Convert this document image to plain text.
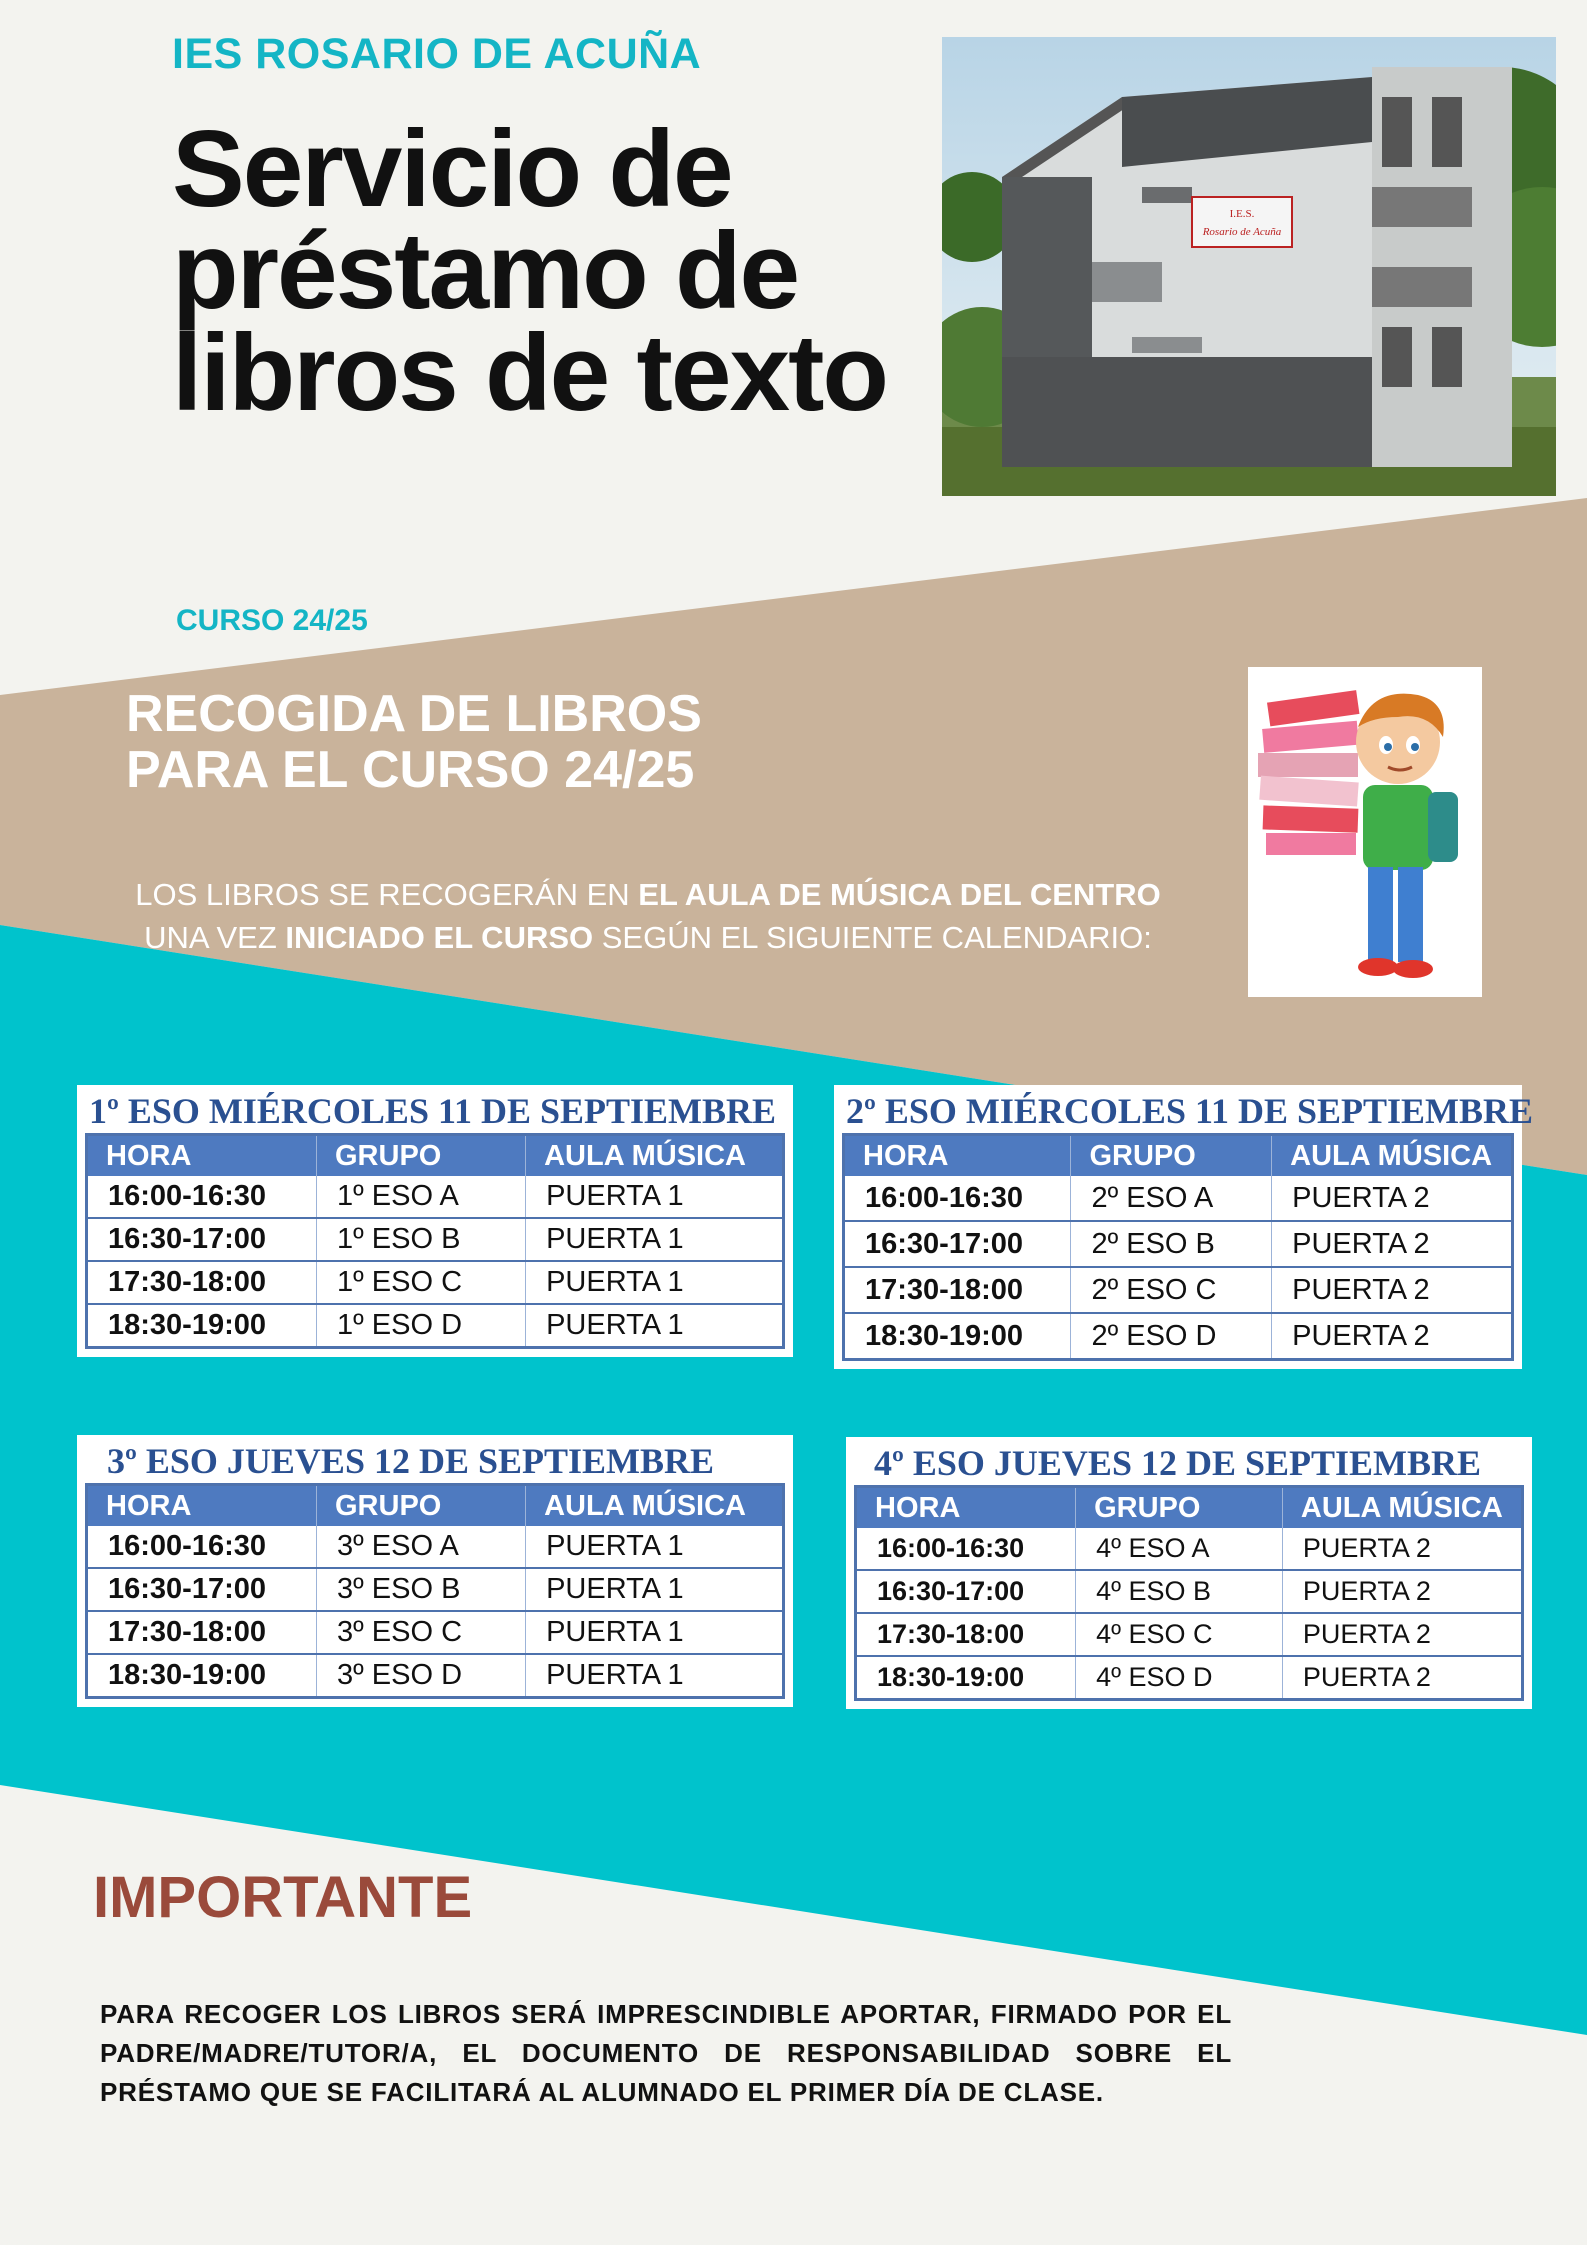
IES ROSARIO DE ACUÑA
Servicio de préstamo de libros de texto
I.E.S.
Rosario de Acuña
CURSO 24/25
RECOGIDA DE LIBROS
PARA EL CURSO 24/25
LOS LIBROS SE RECOGERÁN EN EL AULA DE MÚSICA DEL CENTRO
UNA VEZ INICIADO EL CURSO SEGÚN EL SIGUIENTE CALENDARIO:
1º ESO MIÉRCOLES 11 DE SEPTIEMBRE
HORA	GRUPO	AULA MÚSICA
16:00-16:30	1º ESO A	PUERTA 1
16:30-17:00	1º ESO B	PUERTA 1
17:30-18:00	1º ESO C	PUERTA 1
18:30-19:00	1º ESO D	PUERTA 1
2º ESO MIÉRCOLES 11 DE SEPTIEMBRE
HORA	GRUPO	AULA MÚSICA
16:00-16:30	2º ESO A	PUERTA 2
16:30-17:00	2º ESO B	PUERTA 2
17:30-18:00	2º ESO C	PUERTA 2
18:30-19:00	2º ESO D	PUERTA 2
3º ESO JUEVES 12 DE SEPTIEMBRE
HORA	GRUPO	AULA MÚSICA
16:00-16:30	3º ESO A	PUERTA 1
16:30-17:00	3º ESO B	PUERTA 1
17:30-18:00	3º ESO C	PUERTA 1
18:30-19:00	3º ESO D	PUERTA 1
4º ESO JUEVES 12 DE SEPTIEMBRE
HORA	GRUPO	AULA MÚSICA
16:00-16:30	4º ESO A	PUERTA 2
16:30-17:00	4º ESO B	PUERTA 2
17:30-18:00	4º ESO C	PUERTA 2
18:30-19:00	4º ESO D	PUERTA 2
IMPORTANTE
PARA RECOGER LOS LIBROS SERÁ IMPRESCINDIBLE APORTAR, FIRMADO POR EL PADRE/MADRE/TUTOR/A, EL DOCUMENTO DE RESPONSABILIDAD SOBRE EL PRÉSTAMO QUE SE FACILITARÁ AL ALUMNADO EL PRIMER DÍA DE CLASE.
